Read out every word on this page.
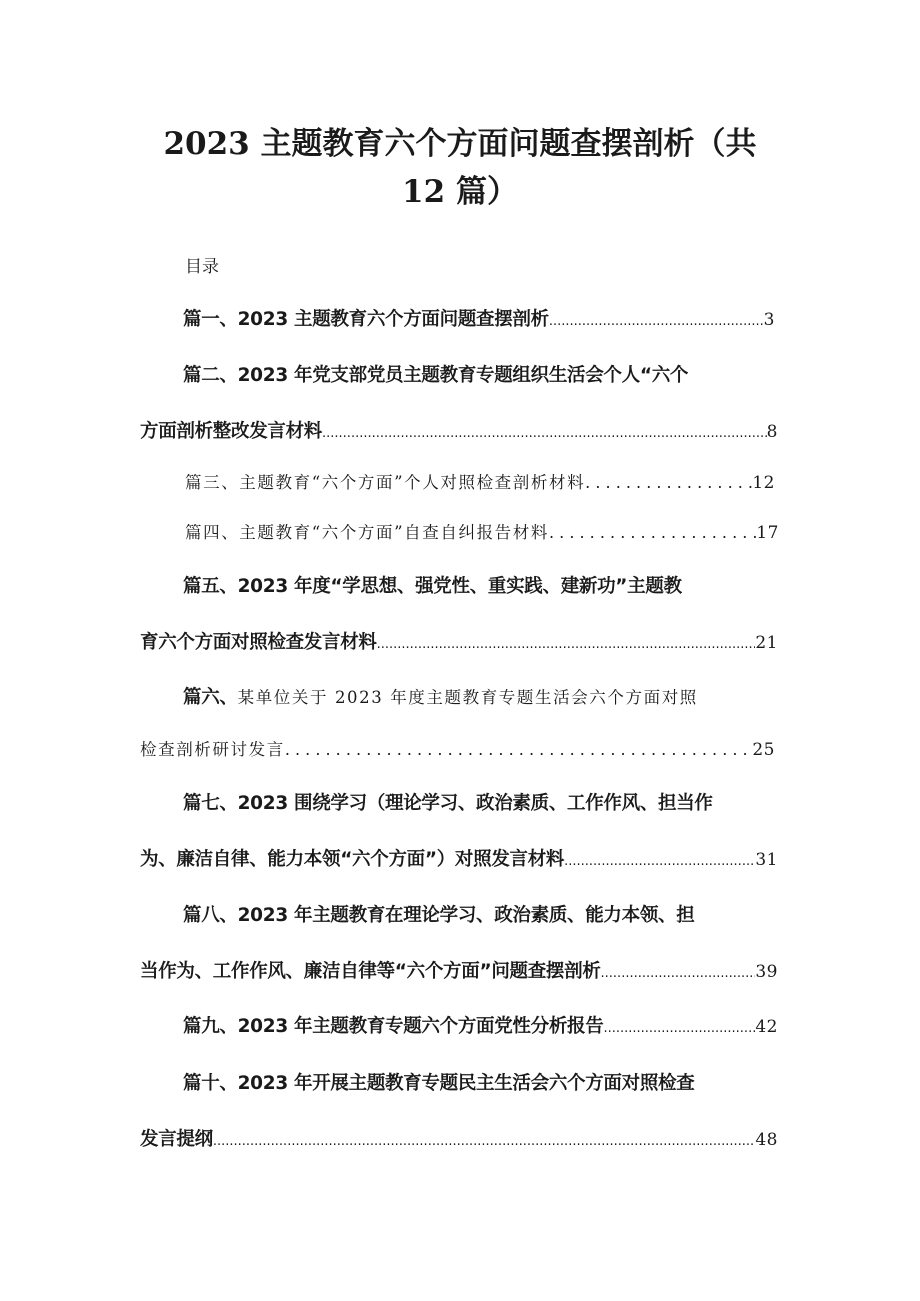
2023 主题教育六个方面问题查摆剖析（共
12 篇）
目录
篇一、2023 主题教育六个方面问题查摆剖析 .....	3
篇二、2023 年党支部党员主题教育专题组织生活会个人“六个
方面剖析整改发言材料 .....	8
篇三、主题教育“六个方面”个人对照检查剖析材料 . . .	12
篇四、主题教育“六个方面”自查自纠报告材料 . . .	17
篇五、2023 年度“学思想、强党性、重实践、建新功”主题教
育六个方面对照检查发言材料 .....	21
篇六、某单位关于 2023 年度主题教育专题生活会六个方面对照
检查剖析研讨发言 . . .	25
篇七、2023 围绕学习（理论学习、政治素质、工作作风、担当作
为、廉洁自律、能力本领“六个方面”）对照发言材料 .....	31
篇八、2023 年主题教育在理论学习、政治素质、能力本领、担
当作为、工作作风、廉洁自律等“六个方面”问题查摆剖析 .....	39
篇九、2023 年主题教育专题六个方面党性分析报告 .....	42
篇十、2023 年开展主题教育专题民主生活会六个方面对照检查
发言提纲 .....	48
